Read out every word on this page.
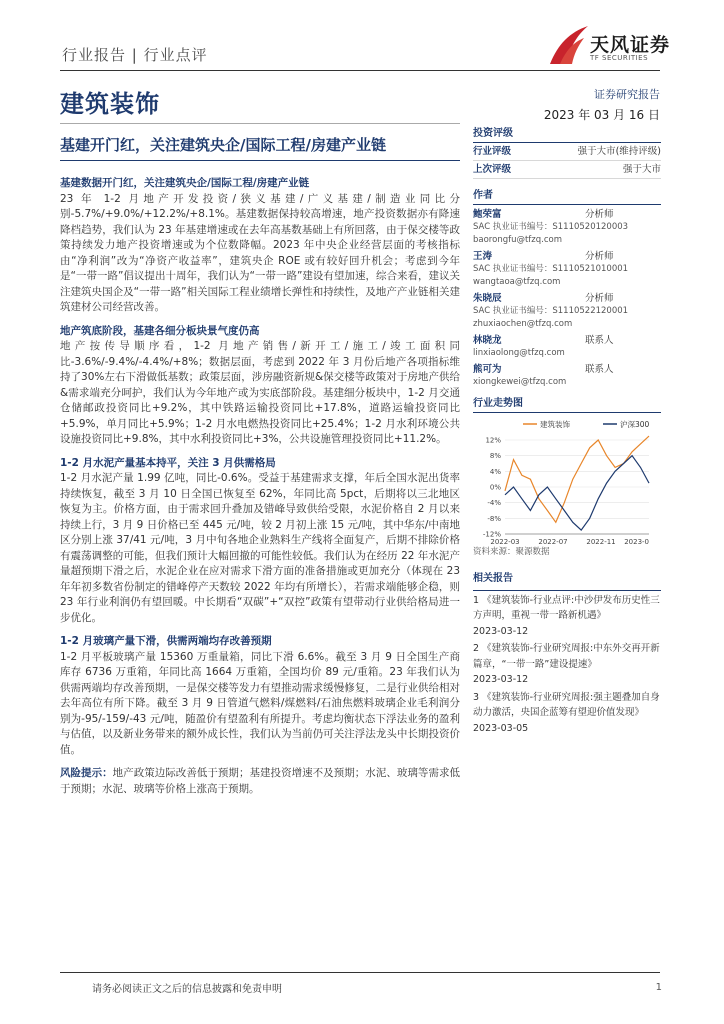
行业报告 | 行业点评	天风证券
TF SECURITIES
建筑装饰	证券研究报告
2023 年 03 月 16 日
基建开门红，关注建筑央企/国际工程/房建产业链
基建数据开门红，关注建筑央企/国际工程/房建产业链

23 年 1-2 月地产开发投资/狭义基建/广义基建/制造业同比分别-5.7%/+9.0%/+12.2%/+8.1%。基建数据保持较高增速，地产投资数据亦有降速降档趋势，我们认为 23 年基建增速或在去年高基数基础上有所回落，由于保交楼等政策持续发力地产投资增速或为个位数降幅。2023 年中央企业经营层面的考核指标由“净利润”改为“净资产收益率”，建筑央企 ROE 或有较好回升机会；考虑到今年是“一带一路”倡议提出十周年，我们认为“一带一路”建设有望加速，综合来看，建议关注建筑央国企及“一带一路”相关国际工程业绩增长弹性和持续性，及地产产业链相关建筑建材公司经营改善。

地产筑底阶段，基建各细分板块景气度仍高

地产按传导顺序看，1-2 月地产销售/新开工/施工/竣工面积同比-3.6%/-9.4%/-4.4%/+8%；数据层面，考虑到 2022 年 3 月份后地产各项指标维持了30%左右下滑做低基数；政策层面，涉房融资新规&保交楼等政策对于房地产供给&需求端充分呵护，我们认为今年地产或为实底部阶段。基建细分板块中，1-2 月交通仓储邮政投资同比+9.2%，其中铁路运输投资同比+17.8%，道路运输投资同比+5.9%，单月同比+5.9%；1-2 月水电燃热投资同比+25.4%；1-2 月水利环境公共设施投资同比+9.8%，其中水利投资同比+3%，公共设施管理投资同比+11.2%。

1-2 月水泥产量基本持平，关注 3 月供需格局

1-2 月水泥产量 1.99 亿吨，同比-0.6%。受益于基建需求支撑，年后全国水泥出货率持续恢复，截至 3 月 10 日全国已恢复至 62%，年同比高 5pct，后期将以三北地区恢复为主。价格方面，由于需求回升叠加及错峰导致供给受限，水泥价格自 2 月以来持续上行，3 月 9 日价格已至 445 元/吨，较 2 月初上涨 15 元/吨，其中华东/中南地区分别上涨 37/41 元/吨，3 月中旬各地企业熟料生产线将全面复产，后期不排除价格有震荡调整的可能，但我们预计大幅回撤的可能性较低。我们认为在经历 22 年水泥产量超预期下滑之后，水泥企业在应对需求下滑方面的准备措施或更加充分（体现在 23 年年初多数省份制定的错峰停产天数较 2022 年均有所增长），若需求端能够企稳，则 23 年行业利润仍有望回暖。中长期看“双碳”+“双控”政策有望带动行业供给格局进一步优化。

1-2 月玻璃产量下滑，供需两端均存改善预期

1-2 月平板玻璃产量 15360 万重量箱，同比下滑 6.6%。截至 3 月 9 日全国生产商库存 6736 万重箱，年同比高 1664 万重箱，全国均价 89 元/重箱。23 年我们认为供需两端均存改善预期，一是保交楼等发力有望推动需求缓慢修复，二是行业供给相对去年高位有所下降。截至 3 月 9 日管道气燃料/煤燃料/石油焦燃料玻璃企业毛利润分别为-95/-159/-43 元/吨，随盈价有望盈利有所提升。考虑均衡状态下浮法业务的盈利与估值，以及新业务带来的额外成长性，我们认为当前仍可关注浮法龙头中长期投资价值。

风险提示：地产政策边际改善低于预期；基建投资增速不及预期；水泥、玻璃等需求低于预期；水泥、玻璃等价格上涨高于预期。

投资评级
行业评级	强于大市(维持评级)
上次评级	强于大市
作者
鲍荣富	分析师
SAC 执业证书编号：S1110520120003
baorongfu@tfzq.com
王涛	分析师
SAC 执业证书编号：S1110521010001
wangtaoa@tfzq.com
朱晓辰	分析师
SAC 执业证书编号：S1110522120001
zhuxiaochen@tfzq.com
林晓龙	联系人
linxiaolong@tfzq.com
熊可为	联系人
xiongkewei@tfzq.com
行业走势图
建筑装饰	沪深300
12%
8%
4%
0%
-4%
-8%
-12%
2022-03	2022-07	2022-11 2023-0
资料来源：聚源数据
相关报告
1 《建筑装饰-行业点评:中沙伊发布历史性三方声明，重视一带一路新机遇》
2023-03-12
2 《建筑装饰-行业研究周报:中东外交再开新篇章，“一带一路”建设提速》
2023-03-12
3 《建筑装饰-行业研究周报:强主题叠加自身动力激活，央国企蓝筹有望迎价值发现》 2023-03-05
请务必阅读正文之后的信息披露和免责申明	1
